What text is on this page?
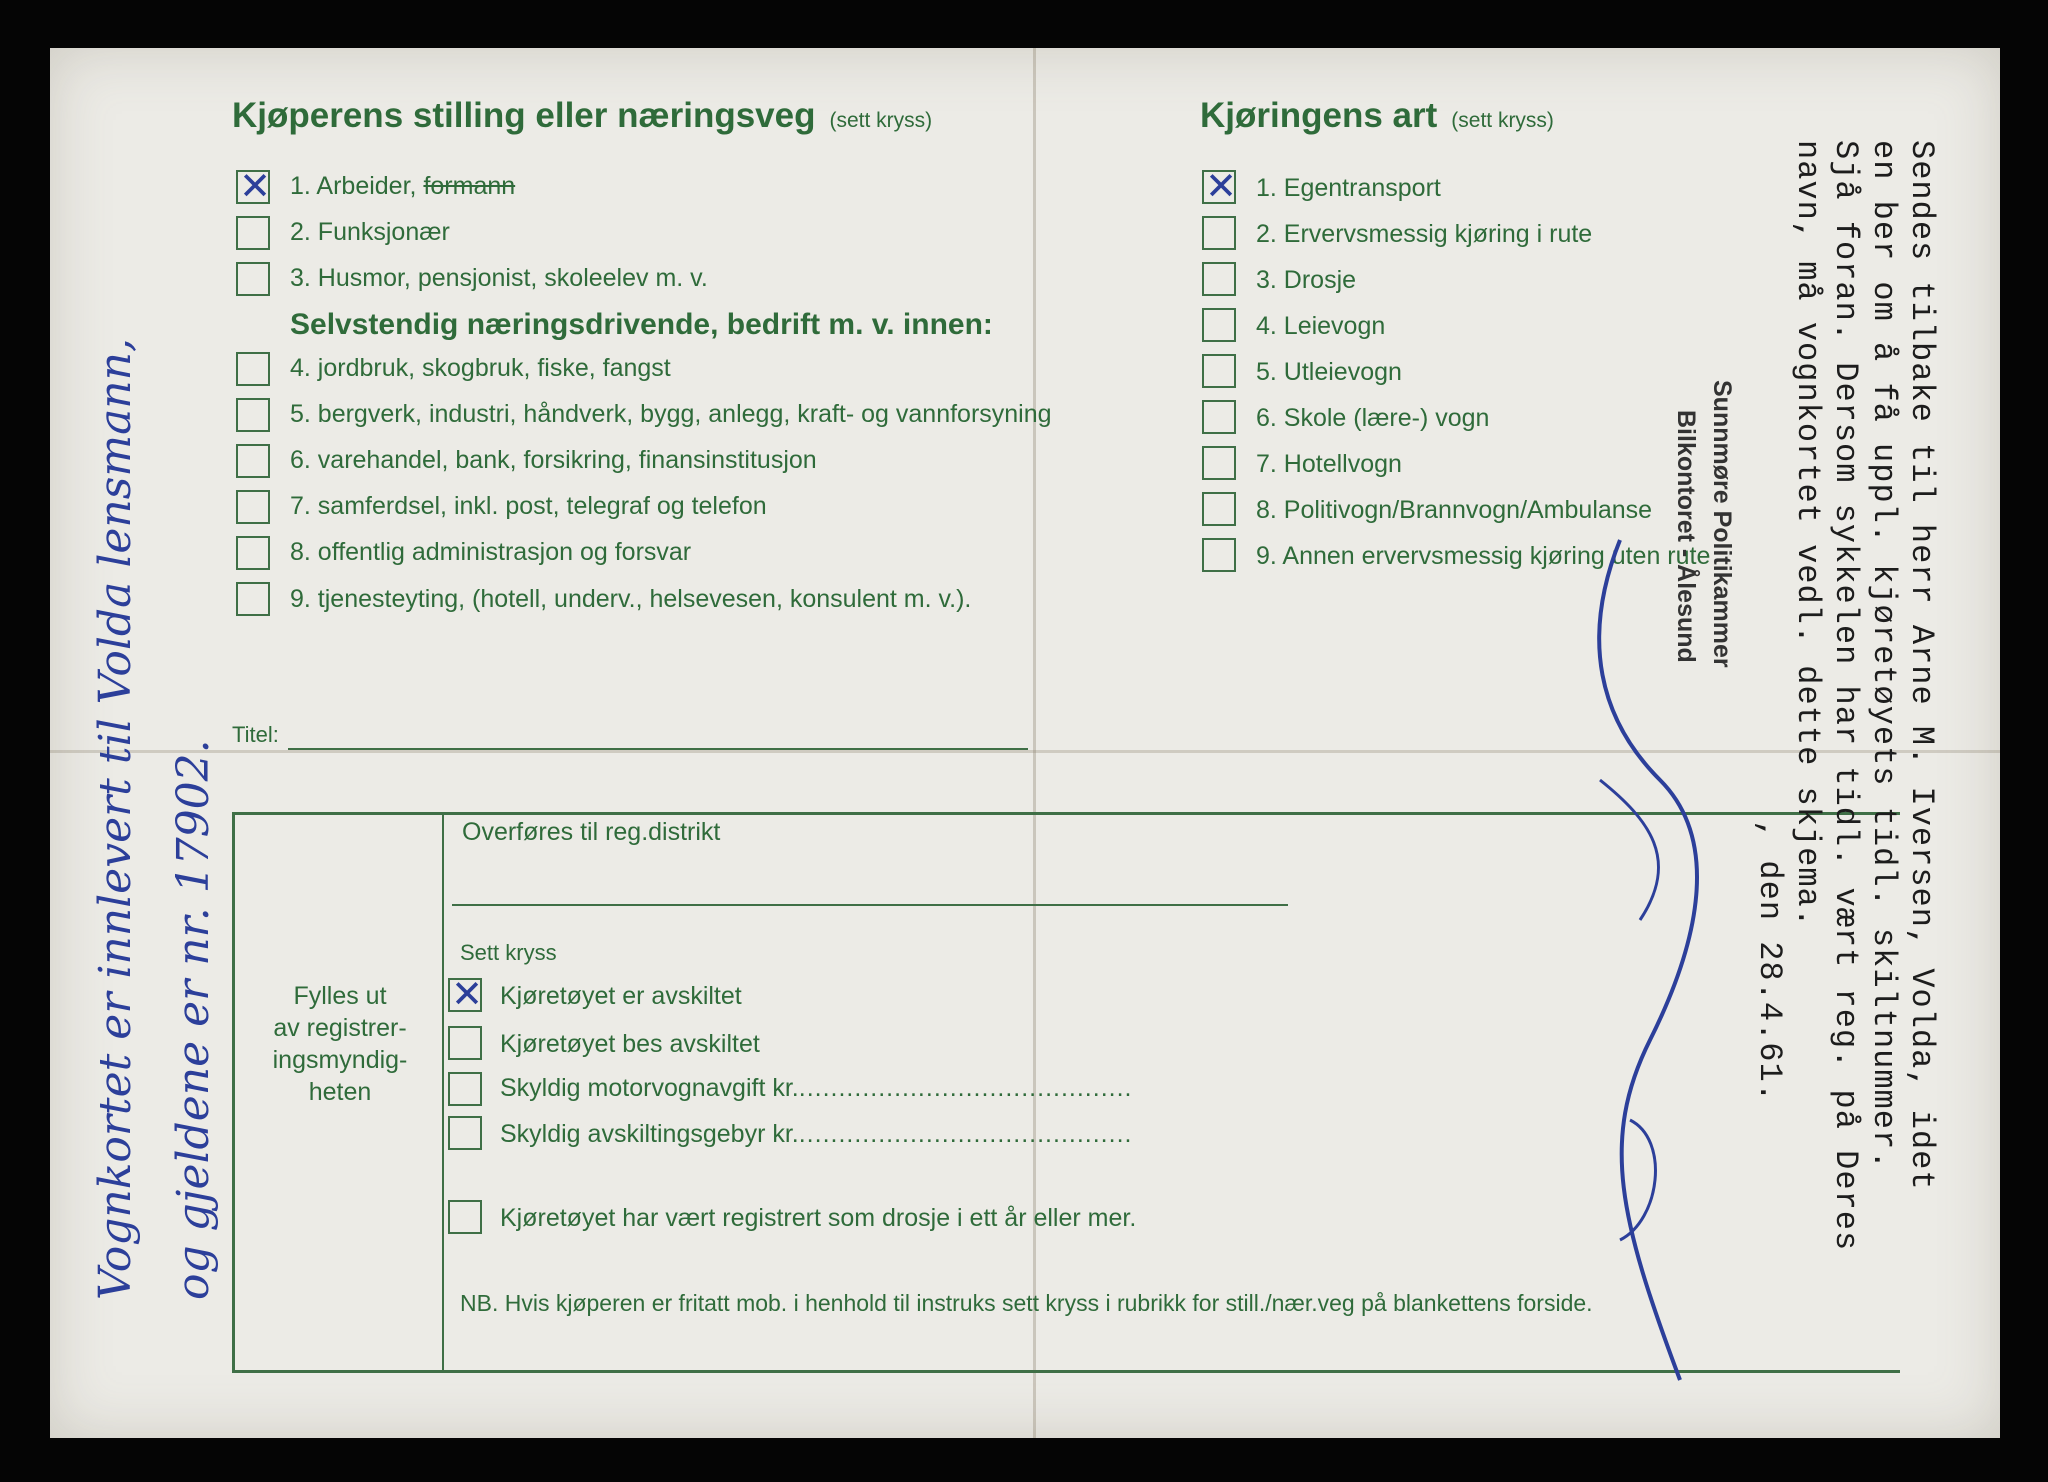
Kjøperens stilling eller næringsveg (sett kryss)
✕ 1. Arbeider, formann
2. Funksjonær
3. Husmor, pensjonist, skoleelev m. v.
Selvstendig næringsdrivende, bedrift m. v. innen:
4. jordbruk, skogbruk, fiske, fangst
5. bergverk, industri, håndverk, bygg, anlegg, kraft- og vannforsyning
6. varehandel, bank, forsikring, finansinstitusjon
7. samferdsel, inkl. post, telegraf og telefon
8. offentlig administrasjon og forsvar
9. tjenesteyting, (hotell, underv., helsevesen, konsulent m. v.).
Titel:
Kjøringens art (sett kryss)
✕ 1. Egentransport
2. Ervervsmessig kjøring i rute
3. Drosje
4. Leievogn
5. Utleievogn
6. Skole (lære-) vogn
7. Hotellvogn
8. Politivogn/Brannvogn/Ambulanse
9. Annen ervervsmessig kjøring uten rute
Fylles ut
av registrer-
ingsmyndig-
heten
Overføres til reg.distrikt
Sett kryss
✕ Kjøretøyet er avskiltet
Kjøretøyet bes avskiltet
Skyldig motorvognavgift kr...........................................
Skyldig avskiltingsgebyr kr...........................................
Kjøretøyet har vært registrert som drosje i ett år eller mer.
NB. Hvis kjøperen er fritatt mob. i henhold til instruks sett kryss i rubrikk for still./nær.veg på blankettens forside.
Sendes tilbake til herr Arne M. Iversen, Volda, idet
en ber om å få uppl. kjøretøyets tidl. skiltnummer.
Sjå foran. Dersom sykkelen har tidl. vært reg. på Deres
navn, må vognkortet vedl. dette skjema.
, den 28.4.61.
Sunnmøre Politikammer
Bilkontoret - Ålesund
Vognkortet er innlevert til Volda lensmann, og gjeldene er nr. 17902.
